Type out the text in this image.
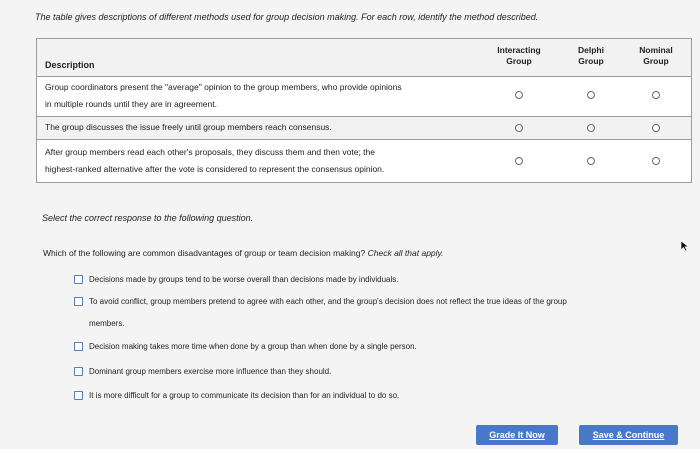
The table gives descriptions of different methods used for group decision making. For each row, identify the method described.
Description
Interacting
Group
Delphi
Group
Nominal
Group
Group coordinators present the "average" opinion to the group members, who provide opinions
in multiple rounds until they are in agreement.
The group discusses the issue freely until group members reach consensus.
After group members read each other's proposals, they discuss them and then vote; the
highest-ranked alternative after the vote is considered to represent the consensus opinion.
Select the correct response to the following question.
Which of the following are common disadvantages of group or team decision making? Check all that apply.
Decisions made by groups tend to be worse overall than decisions made by individuals.
To avoid conflict, group members pretend to agree with each other, and the group's decision does not reflect the true ideas of the group
members.
Decision making takes more time when done by a group than when done by a single person.
Dominant group members exercise more influence than they should.
It is more difficult for a group to communicate its decision than for an individual to do so.
Grade It Now	Save & Continue
